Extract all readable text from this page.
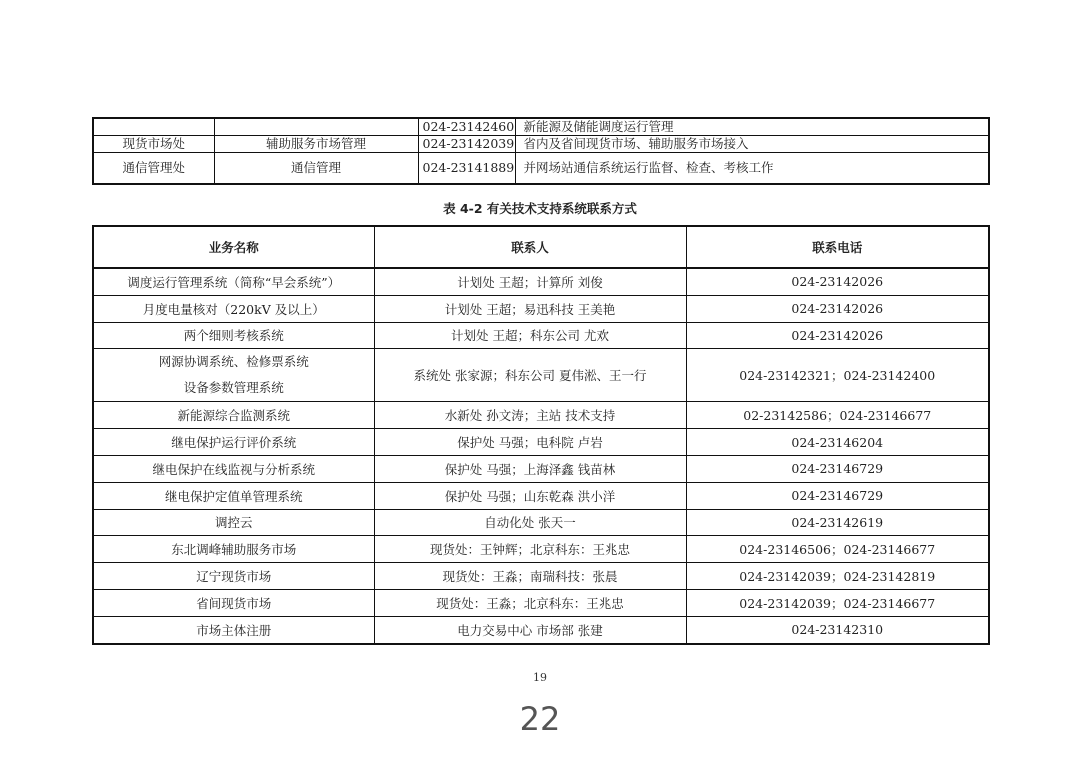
		024-23142460	新能源及储能调度运行管理
现货市场处	辅助服务市场管理	024-23142039	省内及省间现货市场、辅助服务市场接入
通信管理处	通信管理	024-23141889	并网场站通信系统运行监督、检查、考核工作
表 4-2 有关技术支持系统联系方式
业务名称	联系人	联系电话
调度运行管理系统（简称“早会系统”）	计划处 王超；计算所 刘俊	024-23142026
月度电量核对（220kV 及以上）	计划处 王超；易迅科技 王美艳	024-23142026
两个细则考核系统	计划处 王超；科东公司 尤欢	024-23142026

网源协调系统、检修票系统
设备参数管理系统	系统处 张家源；科东公司 夏伟淞、王一行	024-23142321；024-23142400
新能源综合监测系统	水新处 孙文涛；主站 技术支持	02-23142586；024-23146677
继电保护运行评价系统	保护处 马强；电科院 卢岩	024-23146204
继电保护在线监视与分析系统	保护处 马强；上海泽鑫 钱苗林	024-23146729
继电保护定值单管理系统	保护处 马强；山东乾森 洪小洋	024-23146729
调控云	自动化处 张天一	024-23142619
东北调峰辅助服务市场	现货处：王钟辉；北京科东：王兆忠	024-23146506；024-23146677
辽宁现货市场	现货处：王淼；南瑞科技：张晨	024-23142039；024-23142819
省间现货市场	现货处：王淼；北京科东：王兆忠	024-23142039；024-23146677
市场主体注册	电力交易中心 市场部 张建	024-23142310
19
22
